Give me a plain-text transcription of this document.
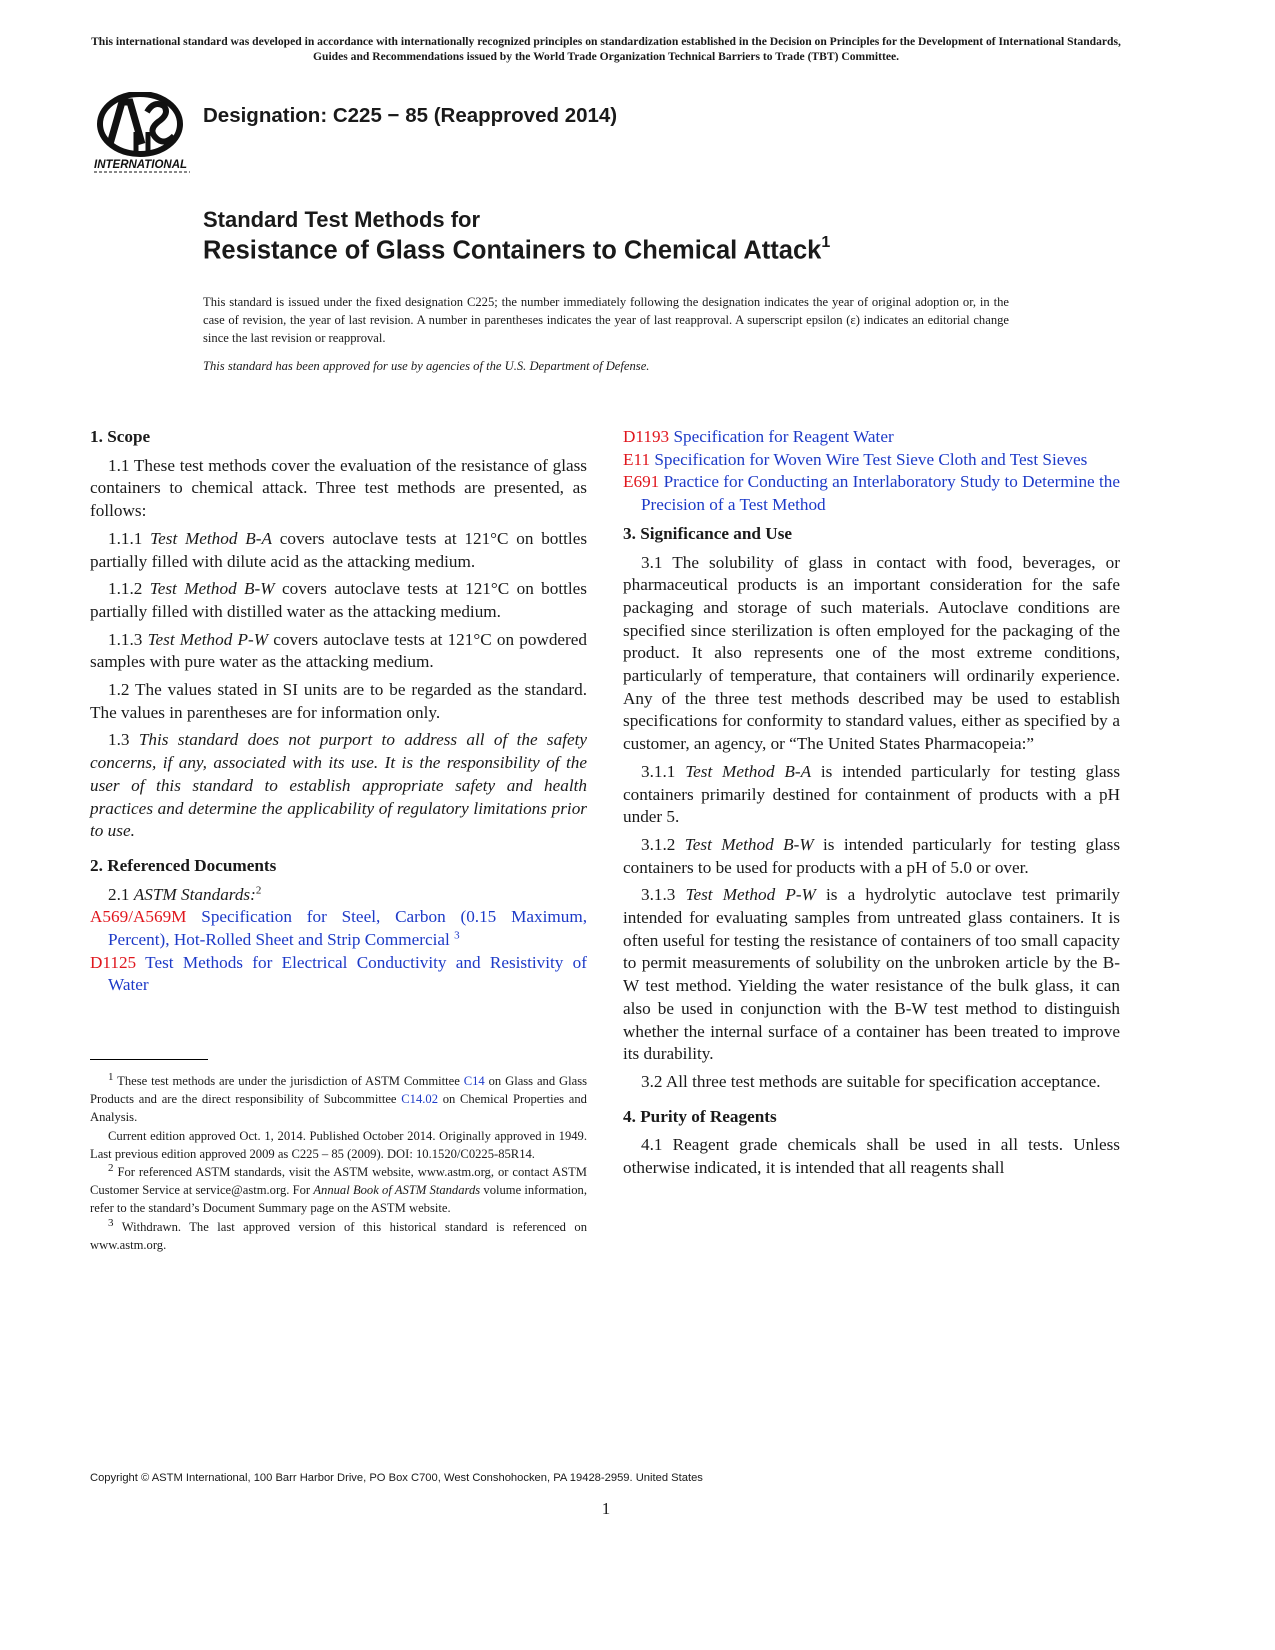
This international standard was developed in accordance with internationally recognized principles on standardization established in the Decision on Principles for the Development of International Standards, Guides and Recommendations issued by the World Trade Organization Technical Barriers to Trade (TBT) Committee.
INTERNATIONAL
Designation: C225 − 85 (Reapproved 2014)
Standard Test Methods for
Resistance of Glass Containers to Chemical Attack$^1$
This standard is issued under the fixed designation C225; the number immediately following the designation indicates the year of original adoption or, in the case of revision, the year of last revision. A number in parentheses indicates the year of last reapproval. A superscript epsilon (ε) indicates an editorial change since the last revision or reapproval.
This standard has been approved for use by agencies of the U.S. Department of Defense.
1. Scope

1.1 These test methods cover the evaluation of the resistance of glass containers to chemical attack. Three test methods are presented, as follows:

1.1.1 Test Method B-A covers autoclave tests at 121°C on bottles partially filled with dilute acid as the attacking medium.

1.1.2 Test Method B-W covers autoclave tests at 121°C on bottles partially filled with distilled water as the attacking medium.

1.1.3 Test Method P-W covers autoclave tests at 121°C on powdered samples with pure water as the attacking medium.

1.2 The values stated in SI units are to be regarded as the standard. The values in parentheses are for information only.

1.3 This standard does not purport to address all of the safety concerns, if any, associated with its use. It is the responsibility of the user of this standard to establish appropriate safety and health practices and determine the applicability of regulatory limitations prior to use.

2. Referenced Documents

2.1 ASTM Standards:$^2$

A569/A569M Specification for Steel, Carbon (0.15 Maximum, Percent), Hot-Rolled Sheet and Strip Commercial $^3$
D1125 Test Methods for Electrical Conductivity and Resistivity of Water

$^1$ These test methods are under the jurisdiction of ASTM Committee C14 on Glass and Glass Products and are the direct responsibility of Subcommittee C14.02 on Chemical Properties and Analysis.

Current edition approved Oct. 1, 2014. Published October 2014. Originally approved in 1949. Last previous edition approved 2009 as C225 – 85 (2009). DOI: 10.1520/C0225-85R14.

$^2$ For referenced ASTM standards, visit the ASTM website, www.astm.org, or contact ASTM Customer Service at service@astm.org. For Annual Book of ASTM Standards volume information, refer to the standard’s Document Summary page on the ASTM website.

$^3$ Withdrawn. The last approved version of this historical standard is referenced on www.astm.org.

D1193 Specification for Reagent Water
E11 Specification for Woven Wire Test Sieve Cloth and Test Sieves
E691 Practice for Conducting an Interlaboratory Study to Determine the Precision of a Test Method
3. Significance and Use

3.1 The solubility of glass in contact with food, beverages, or pharmaceutical products is an important consideration for the safe packaging and storage of such materials. Autoclave conditions are specified since sterilization is often employed for the packaging of the product. It also represents one of the most extreme conditions, particularly of temperature, that containers will ordinarily experience. Any of the three test methods described may be used to establish specifications for conformity to standard values, either as specified by a customer, an agency, or “The United States Pharmacopeia:”

3.1.1 Test Method B-A is intended particularly for testing glass containers primarily destined for containment of products with a pH under 5.

3.1.2 Test Method B-W is intended particularly for testing glass containers to be used for products with a pH of 5.0 or over.

3.1.3 Test Method P-W is a hydrolytic autoclave test primarily intended for evaluating samples from untreated glass containers. It is often useful for testing the resistance of containers of too small capacity to permit measurements of solubility on the unbroken article by the B-W test method. Yielding the water resistance of the bulk glass, it can also be used in conjunction with the B-W test method to distinguish whether the internal surface of a container has been treated to improve its durability.

3.2 All three test methods are suitable for specification acceptance.

4. Purity of Reagents

4.1 Reagent grade chemicals shall be used in all tests. Unless otherwise indicated, it is intended that all reagents shall

Copyright © ASTM International, 100 Barr Harbor Drive, PO Box C700, West Conshohocken, PA 19428-2959. United States
1
